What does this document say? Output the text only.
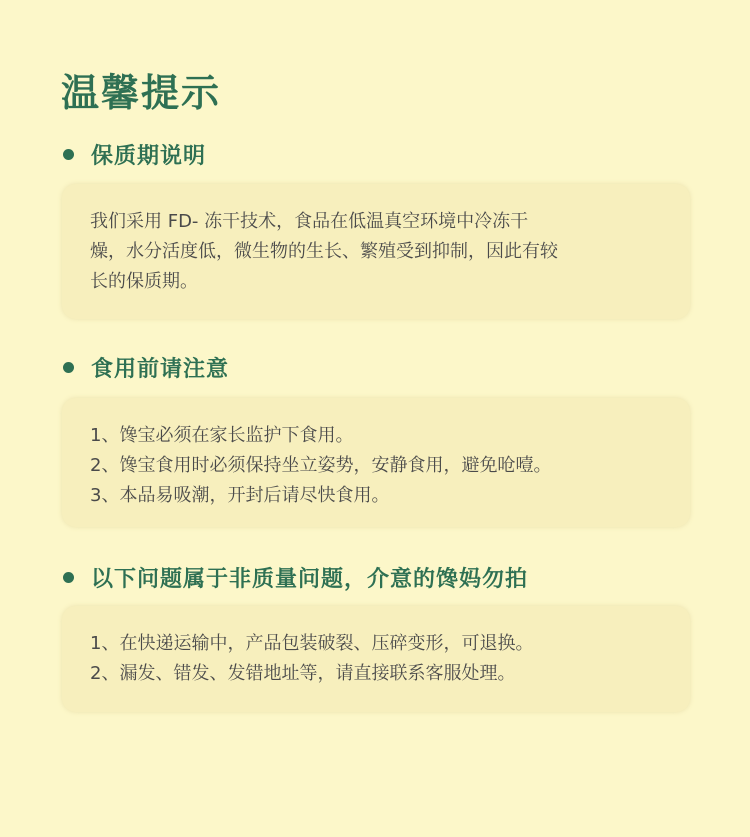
温馨提示
保质期说明

我们采用 FD- 冻干技术，食品在低温真空环境中冷冻干

燥，水分活度低，微生物的生长、繁殖受到抑制，因此有较

长的保质期。

食用前请注意

1、馋宝必须在家长监护下食用。

2、馋宝食用时必须保持坐立姿势，安静食用，避免呛噎。

3、本品易吸潮，开封后请尽快食用。

以下问题属于非质量问题，介意的馋妈勿拍

1、在快递运输中，产品包装破裂、压碎变形，可退换。

2、漏发、错发、发错地址等，请直接联系客服处理。
